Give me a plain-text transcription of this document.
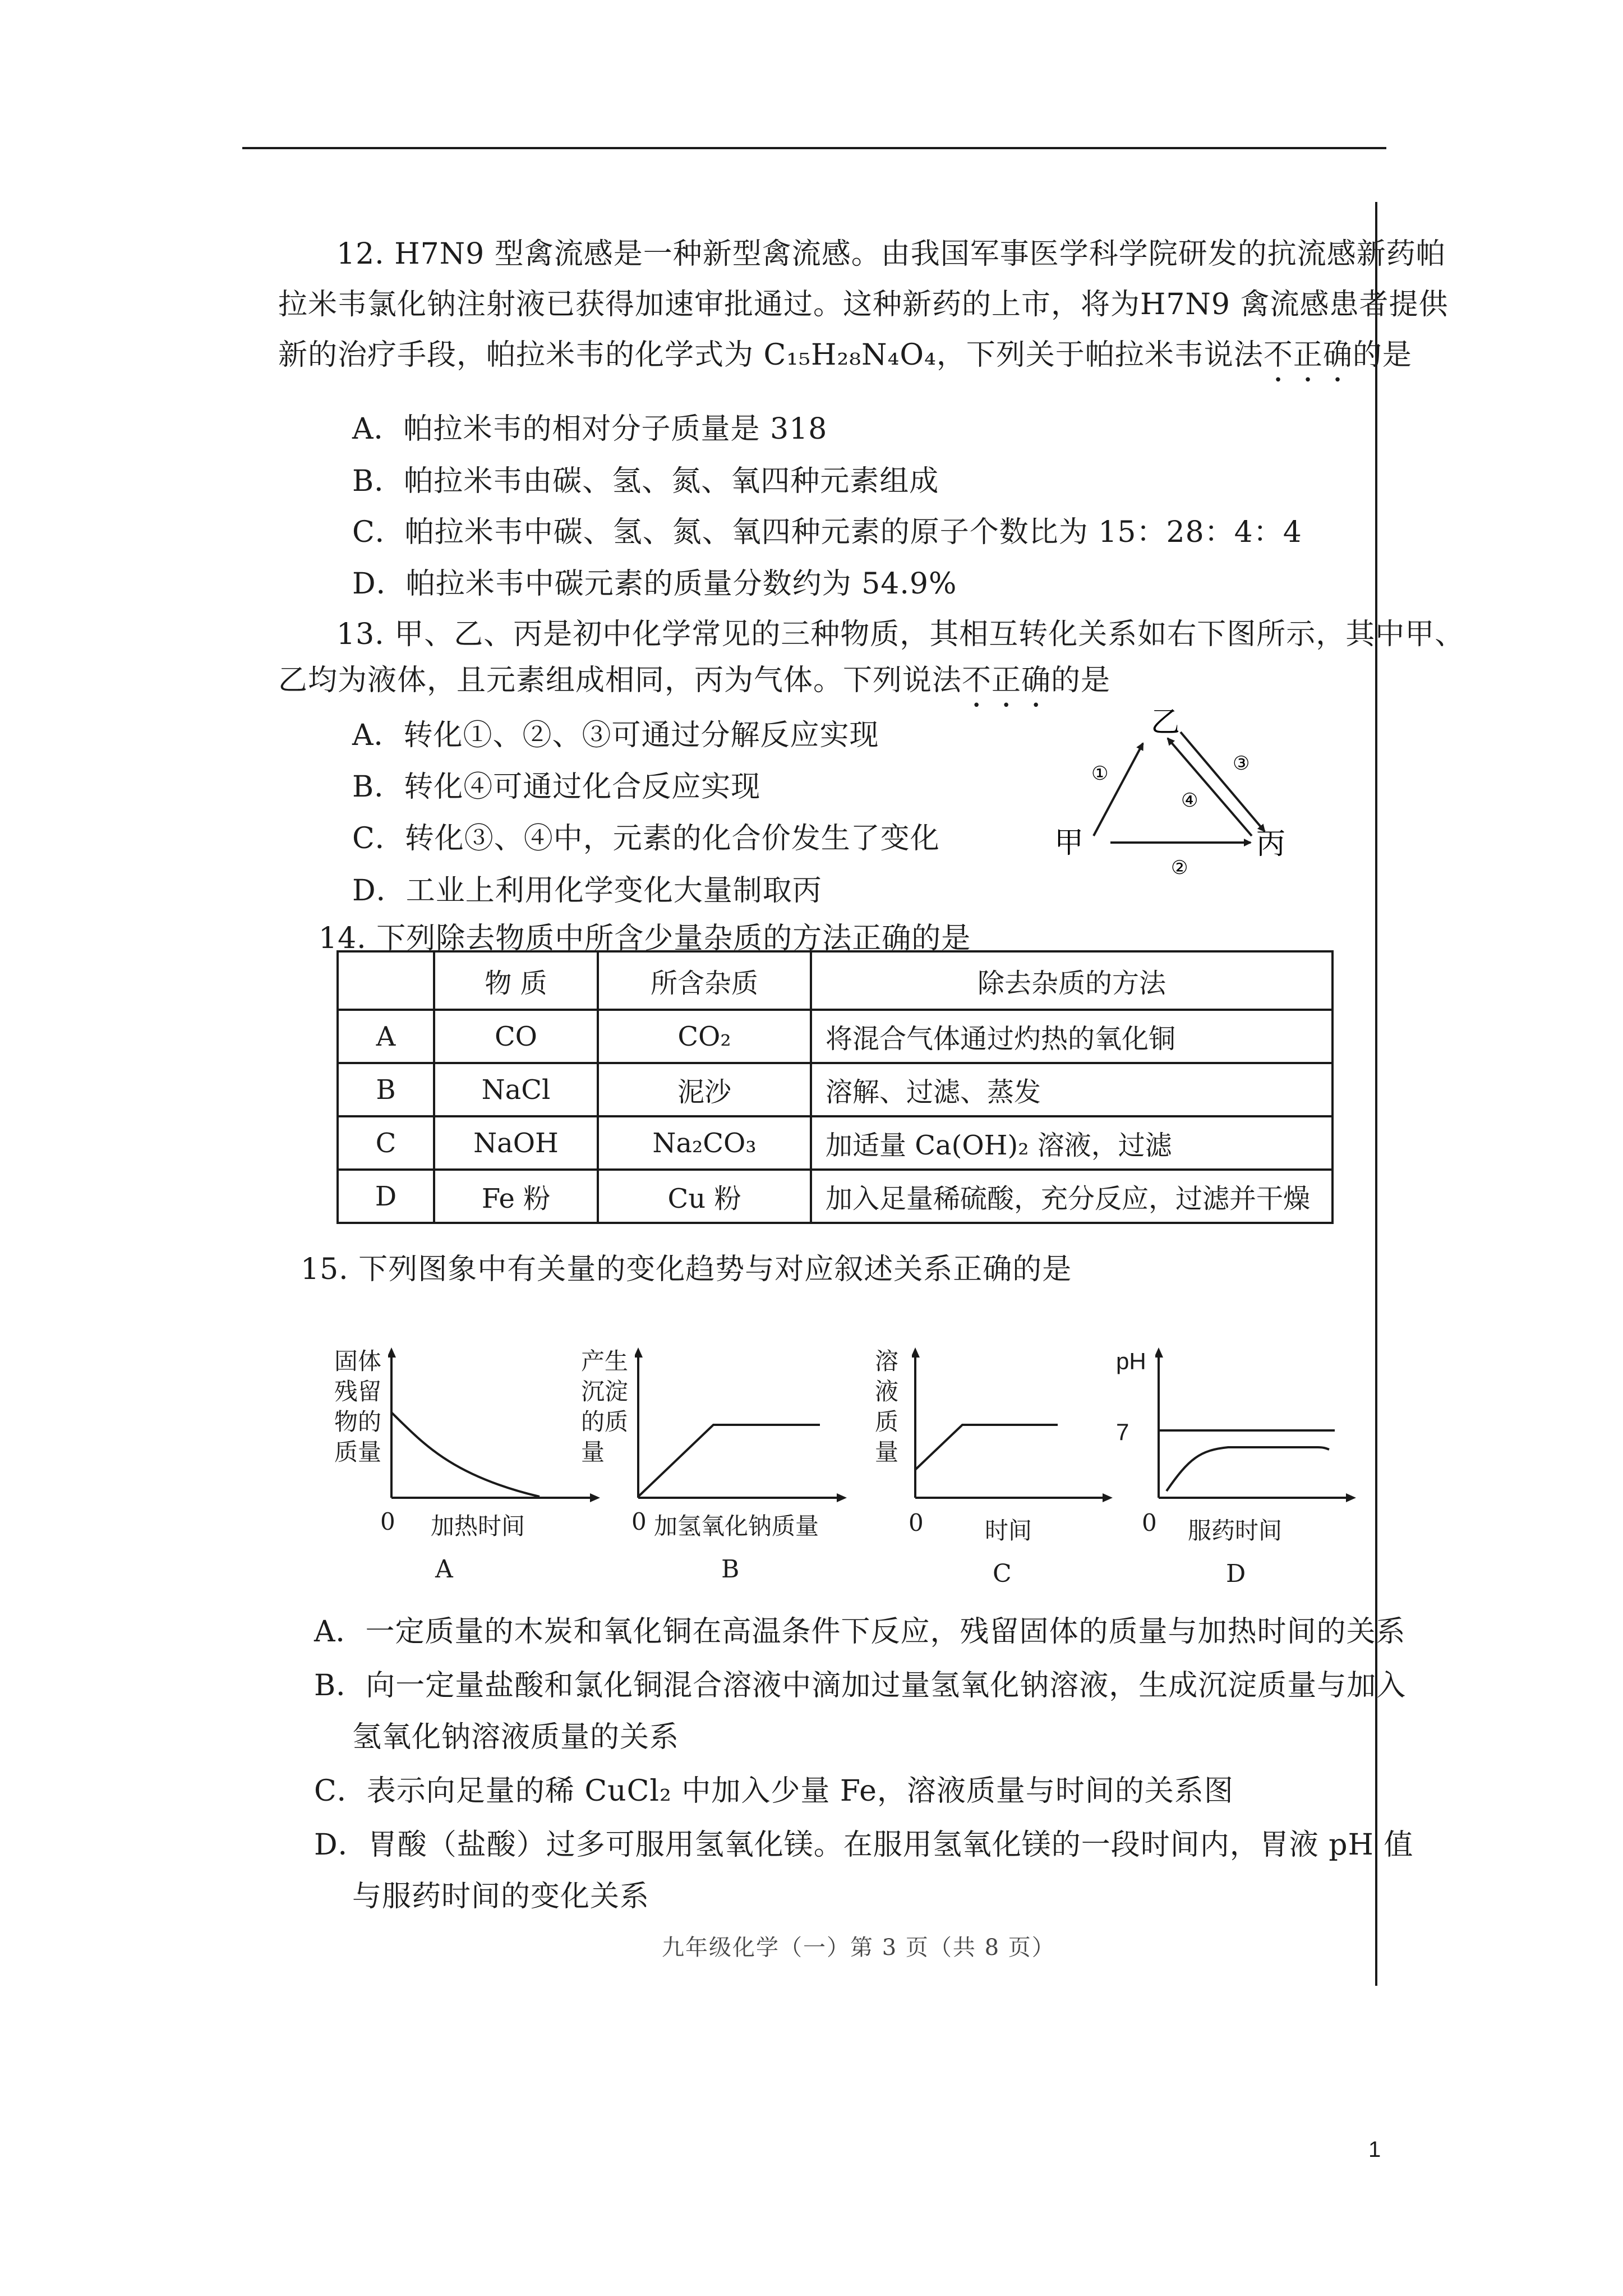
12. H7N9 型禽流感是一种新型禽流感。由我国军事医学科学院研发的抗流感新药帕
拉米韦氯化钠注射液已获得加速审批通过。这种新药的上市，将为H7N9 禽流感患者提供
新的治疗手段，帕拉米韦的化学式为 C₁₅H₂₈N₄O₄，下列关于帕拉米韦说法不正确的是
A．帕拉米韦的相对分子质量是 318
B．帕拉米韦由碳、氢、氮、氧四种元素组成
C．帕拉米韦中碳、氢、氮、氧四种元素的原子个数比为 15：28：4：4
D．帕拉米韦中碳元素的质量分数约为 54.9%
13. 甲、乙、丙是初中化学常见的三种物质，其相互转化关系如右下图所示，其中甲、
乙均为液体，且元素组成相同，丙为气体。下列说法不正确的是
A．转化①、②、③可通过分解反应实现
B．转化④可通过化合反应实现
C．转化③、④中，元素的化合价发生了变化
D．工业上利用化学变化大量制取丙
乙
甲	丙
①
②
③
④
14. 下列除去物质中所含少量杂质的方法正确的是
	物 质	所含杂质	除去杂质的方法
A	CO	CO₂	将混合气体通过灼热的氧化铜
B	NaCl	泥沙	溶解、过滤、蒸发
C	NaOH	Na₂CO₃	加适量 Ca(OH)₂ 溶液，过滤
D	Fe 粉	Cu 粉	加入足量稀硫酸，充分反应，过滤并干燥
15. 下列图象中有关量的变化趋势与对应叙述关系正确的是
固体
残留
物的
质量
0 加热时间
A
产生
沉淀
的质
量
0 加氢氧化钠质量
B
溶
液
质
量
0	时间
C
pH
7
0 服药时间
D
A．一定质量的木炭和氧化铜在高温条件下反应，残留固体的质量与加热时间的关系
B．向一定量盐酸和氯化铜混合溶液中滴加过量氢氧化钠溶液，生成沉淀质量与加入
氢氧化钠溶液质量的关系
C．表示向足量的稀 CuCl₂ 中加入少量 Fe，溶液质量与时间的关系图
D．胃酸（盐酸）过多可服用氢氧化镁。在服用氢氧化镁的一段时间内，胃液 pH 值
与服药时间的变化关系
九年级化学（一）第 3 页（共 8 页）
1
